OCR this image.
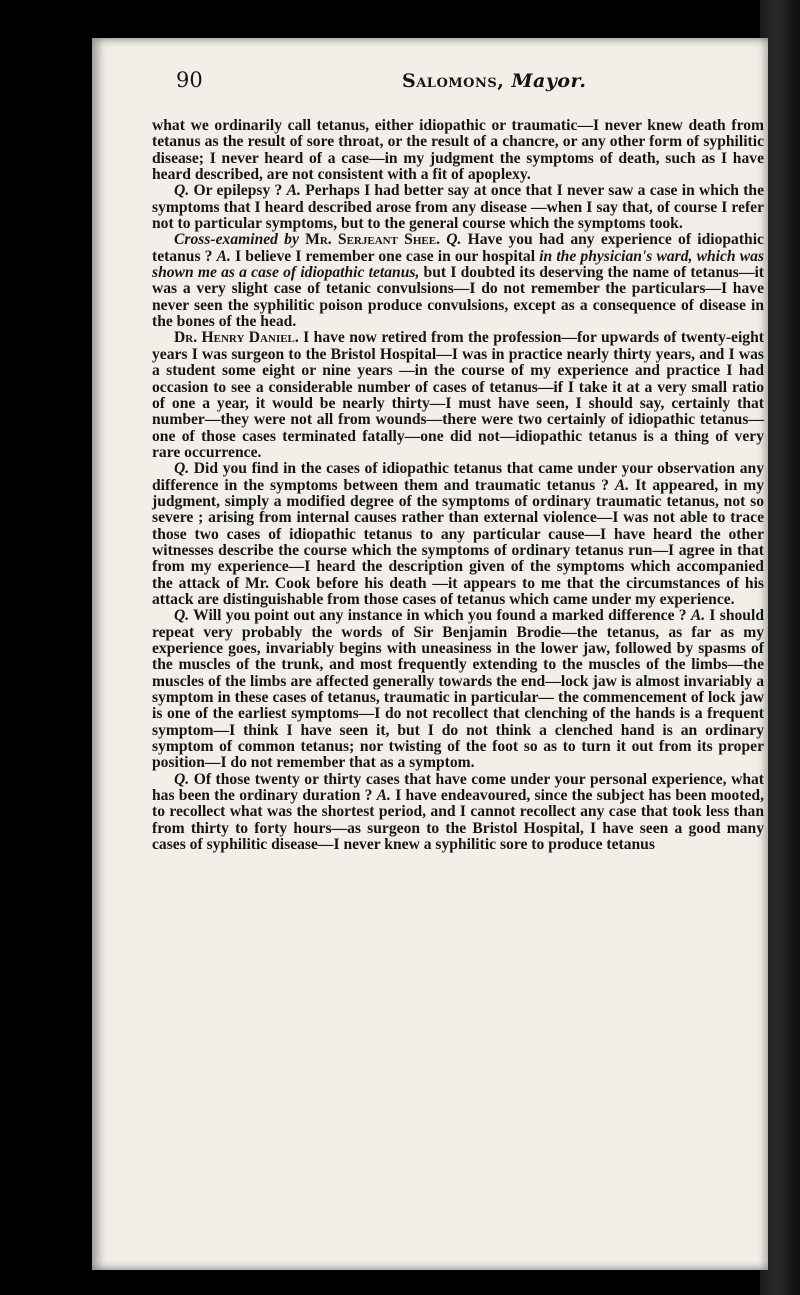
90	Salomons, Mayor.

what we ordinarily call tetanus, either idiopathic or traumatic—I never knew death from tetanus as the result of sore throat, or the result of a chancre, or any other form of syphilitic disease; I never heard of a case—in my judgment the symptoms of death, such as I have heard described, are not consistent with a fit of apoplexy.

Q. Or epilepsy ? A. Perhaps I had better say at once that I never saw a case in which the symptoms that I heard described arose from any disease —when I say that, of course I refer not to particular symptoms, but to the general course which the symptoms took.

Cross-examined by Mr. Serjeant Shee. Q. Have you had any experience of idiopathic tetanus ? A. I believe I remember one case in our hospital in the physician's ward, which was shown me as a case of idiopathic tetanus, but I doubted its deserving the name of tetanus—it was a very slight case of tetanic convulsions—I do not remember the particulars—I have never seen the syphilitic poison produce convulsions, except as a consequence of disease in the bones of the head.

Dr. Henry Daniel. I have now retired from the profession—for upwards of twenty-eight years I was surgeon to the Bristol Hospital—I was in practice nearly thirty years, and I was a student some eight or nine years —in the course of my experience and practice I had occasion to see a considerable number of cases of tetanus—if I take it at a very small ratio of one a year, it would be nearly thirty—I must have seen, I should say, certainly that number—they were not all from wounds—there were two certainly of idiopathic tetanus—one of those cases terminated fatally—one did not—idiopathic tetanus is a thing of very rare occurrence.

Q. Did you find in the cases of idiopathic tetanus that came under your observation any difference in the symptoms between them and traumatic tetanus ? A. It appeared, in my judgment, simply a modified degree of the symptoms of ordinary traumatic tetanus, not so severe ; arising from internal causes rather than external violence—I was not able to trace those two cases of idiopathic tetanus to any particular cause—I have heard the other witnesses describe the course which the symptoms of ordinary tetanus run—I agree in that from my experience—I heard the description given of the symptoms which accompanied the attack of Mr. Cook before his death —it appears to me that the circumstances of his attack are distinguishable from those cases of tetanus which came under my experience.

Q. Will you point out any instance in which you found a marked difference ? A. I should repeat very probably the words of Sir Benjamin Brodie—the tetanus, as far as my experience goes, invariably begins with uneasiness in the lower jaw, followed by spasms of the muscles of the trunk, and most frequently extending to the muscles of the limbs—the muscles of the limbs are affected generally towards the end—lock jaw is almost invariably a symptom in these cases of tetanus, traumatic in particular— the commencement of lock jaw is one of the earliest symptoms—I do not recollect that clenching of the hands is a frequent symptom—I think I have seen it, but I do not think a clenched hand is an ordinary symptom of common tetanus; nor twisting of the foot so as to turn it out from its proper position—I do not remember that as a symptom.

Q. Of those twenty or thirty cases that have come under your personal experience, what has been the ordinary duration ? A. I have endeavoured, since the subject has been mooted, to recollect what was the shortest period, and I cannot recollect any case that took less than from thirty to forty hours—as surgeon to the Bristol Hospital, I have seen a good many cases of syphilitic disease—I never knew a syphilitic sore to produce tetanus
